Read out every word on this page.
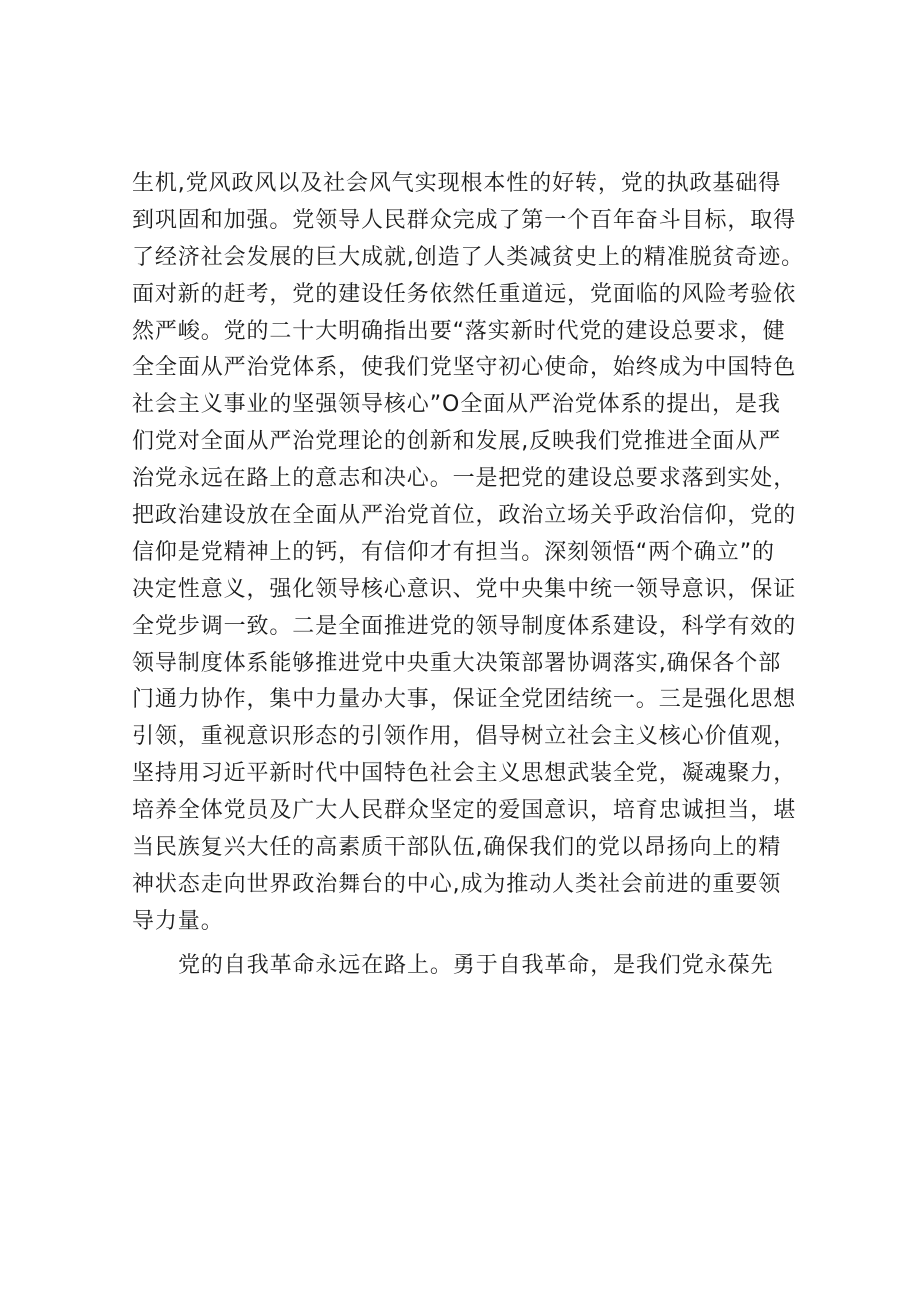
生机,党风政风以及社会风气实现根本性的好转，党的执政基础得
到巩固和加强。党领导人民群众完成了第一个百年奋斗目标，取得
了经济社会发展的巨大成就,创造了人类减贫史上的精准脱贫奇迹。
面对新的赶考，党的建设任务依然任重道远，党面临的风险考验依
然严峻。党的二十大明确指出要“落实新时代党的建设总要求，健
全全面从严治党体系，使我们党坚守初心使命，始终成为中国特色
社会主义事业的坚强领导核心”O全面从严治党体系的提出，是我
们党对全面从严治党理论的创新和发展,反映我们党推进全面从严
治党永远在路上的意志和决心。一是把党的建设总要求落到实处，
把政治建设放在全面从严治党首位，政治立场关乎政治信仰，党的
信仰是党精神上的钙，有信仰才有担当。深刻领悟“两个确立”的
决定性意义，强化领导核心意识、党中央集中统一领导意识，保证
全党步调一致。二是全面推进党的领导制度体系建设，科学有效的
领导制度体系能够推进党中央重大决策部署协调落实,确保各个部
门通力协作，集中力量办大事，保证全党团结统一。三是强化思想
引领，重视意识形态的引领作用，倡导树立社会主义核心价值观，
坚持用习近平新时代中国特色社会主义思想武装全党，凝魂聚力，
培养全体党员及广大人民群众坚定的爱国意识，培育忠诚担当，堪
当民族复兴大任的高素质干部队伍,确保我们的党以昂扬向上的精
神状态走向世界政治舞台的中心,成为推动人类社会前进的重要领
导力量。
党的自我革命永远在路上。勇于自我革命，是我们党永葆先
